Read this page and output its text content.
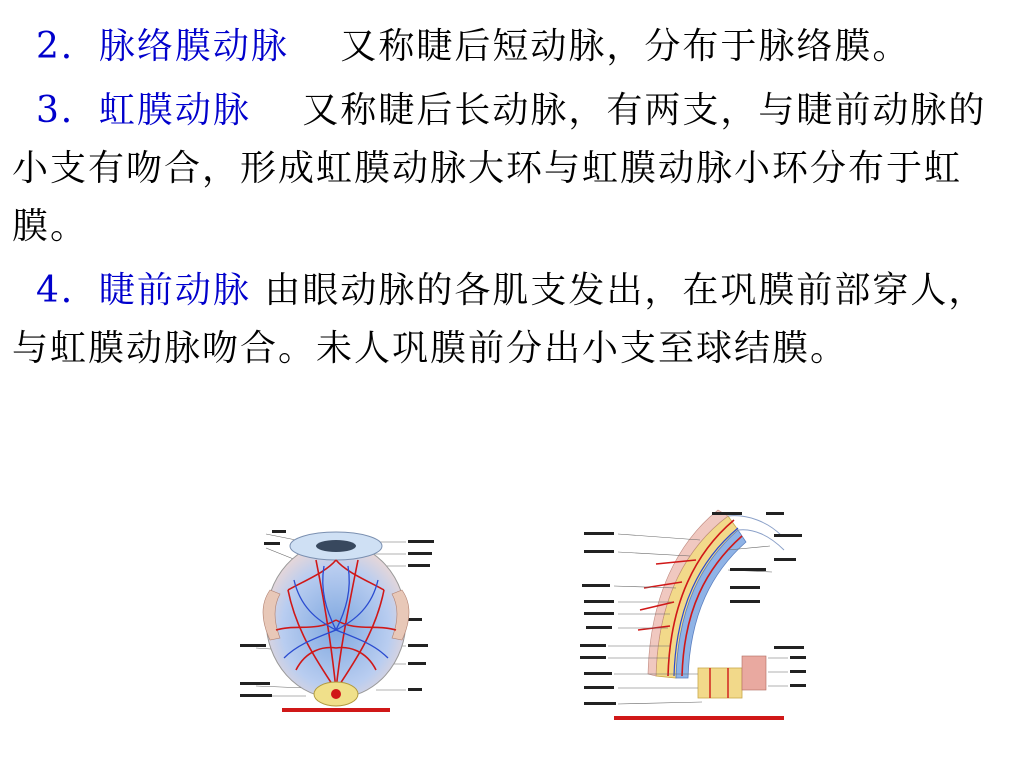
2．脉络膜动脉　 又称睫后短动脉，分布于脉络膜。

3．虹膜动脉　 又称睫后长动脉，有两支，与睫前动脉的小支有吻合，形成虹膜动脉大环与虹膜动脉小环分布于虹膜。

4．睫前动脉 由眼动脉的各肌支发出，在巩膜前部穿人，与虹膜动脉吻合。未人巩膜前分出小支至球结膜。
